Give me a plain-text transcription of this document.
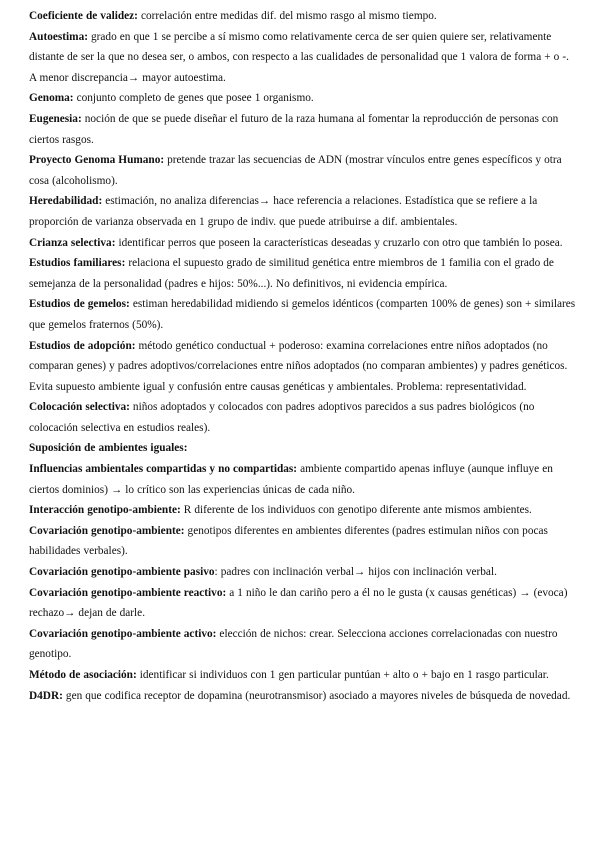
Coeficiente de validez: correlación entre medidas dif. del mismo rasgo al mismo tiempo.

Autoestima: grado en que 1 se percibe a sí mismo como relativamente cerca de ser quien quiere ser, relativamente distante de ser la que no desea ser, o ambos, con respecto a las cualidades de personalidad que 1 valora de forma + o -. A menor discrepancia→ mayor autoestima.

Genoma: conjunto completo de genes que posee 1 organismo.

Eugenesia: noción de que se puede diseñar el futuro de la raza humana al fomentar la reproducción de personas con ciertos rasgos.

Proyecto Genoma Humano: pretende trazar las secuencias de ADN (mostrar vínculos entre genes específicos y otra cosa (alcoholismo).

Heredabilidad: estimación, no analiza diferencias→ hace referencia a relaciones. Estadística que se refiere a la proporción de varianza observada en 1 grupo de indiv. que puede atribuirse a dif. ambientales.

Crianza selectiva: identificar perros que poseen la características deseadas y cruzarlo con otro que también lo posea.

Estudios familiares: relaciona el supuesto grado de similitud genética entre miembros de 1 familia con el grado de semejanza de la personalidad (padres e hijos: 50%...). No definitivos, ni evidencia empírica.

Estudios de gemelos: estiman heredabilidad midiendo si gemelos idénticos (comparten 100% de genes) son + similares que gemelos fraternos (50%).

Estudios de adopción: método genético conductual + poderoso: examina correlaciones entre niños adoptados (no comparan genes) y padres adoptivos/correlaciones entre niños adoptados (no comparan ambientes) y padres genéticos. Evita supuesto ambiente igual y confusión entre causas genéticas y ambientales. Problema: representatividad.

Colocación selectiva: niños adoptados y colocados con padres adoptivos parecidos a sus padres biológicos (no colocación selectiva en estudios reales).

Suposición de ambientes iguales:

Influencias ambientales compartidas y no compartidas: ambiente compartido apenas influye (aunque influye en ciertos dominios) → lo crítico son las experiencias únicas de cada niño.

Interacción genotipo-ambiente: R diferente de los individuos con genotipo diferente ante mismos ambientes.

Covariación genotipo-ambiente: genotipos diferentes en ambientes diferentes (padres estimulan niños con pocas habilidades verbales).

Covariación genotipo-ambiente pasivo: padres con inclinación verbal→ hijos con inclinación verbal.

Covariación genotipo-ambiente reactivo: a 1 niño le dan cariño pero a él no le gusta (x causas genéticas) → (evoca) rechazo→ dejan de darle.

Covariación genotipo-ambiente activo: elección de nichos: crear. Selecciona acciones correlacionadas con nuestro genotipo.

Método de asociación: identificar si individuos con 1 gen particular puntúan + alto o + bajo en 1 rasgo particular.

D4DR: gen que codifica receptor de dopamina (neurotransmisor) asociado a mayores niveles de búsqueda de novedad.
